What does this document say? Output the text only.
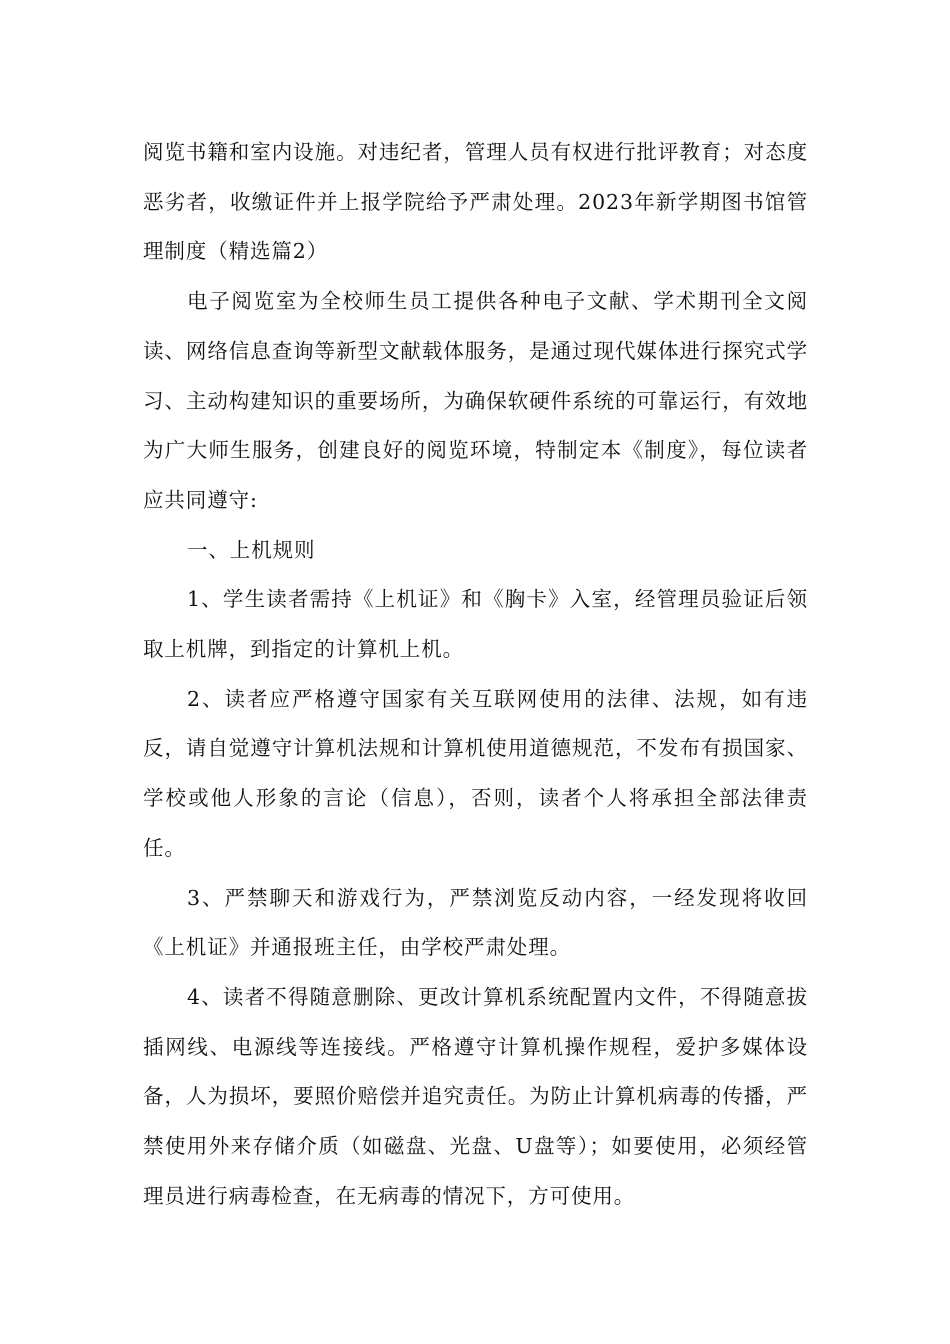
阅览书籍和室内设施。对违纪者，管理人员有权进行批评教育；对态度恶劣者，收缴证件并上报学院给予严肃处理。2023年新学期图书馆管理制度（精选篇2）

电子阅览室为全校师生员工提供各种电子文献、学术期刊全文阅读、网络信息查询等新型文献载体服务，是通过现代媒体进行探究式学习、主动构建知识的重要场所，为确保软硬件系统的可靠运行，有效地为广大师生服务，创建良好的阅览环境，特制定本《制度》，每位读者应共同遵守:

一、上机规则

1、学生读者需持《上机证》和《胸卡》入室，经管理员验证后领取上机牌，到指定的计算机上机。

2、读者应严格遵守国家有关互联网使用的法律、法规，如有违反，请自觉遵守计算机法规和计算机使用道德规范，不发布有损国家、学校或他人形象的言论（信息），否则，读者个人将承担全部法律责任。

3、严禁聊天和游戏行为，严禁浏览反动内容，一经发现将收回《上机证》并通报班主任，由学校严肃处理。

4、读者不得随意删除、更改计算机系统配置内文件，不得随意拔插网线、电源线等连接线。严格遵守计算机操作规程，爱护多媒体设备，人为损坏，要照价赔偿并追究责任。为防止计算机病毒的传播，严禁使用外来存储介质（如磁盘、光盘、U盘等）；如要使用，必须经管理员进行病毒检查，在无病毒的情况下，方可使用。
